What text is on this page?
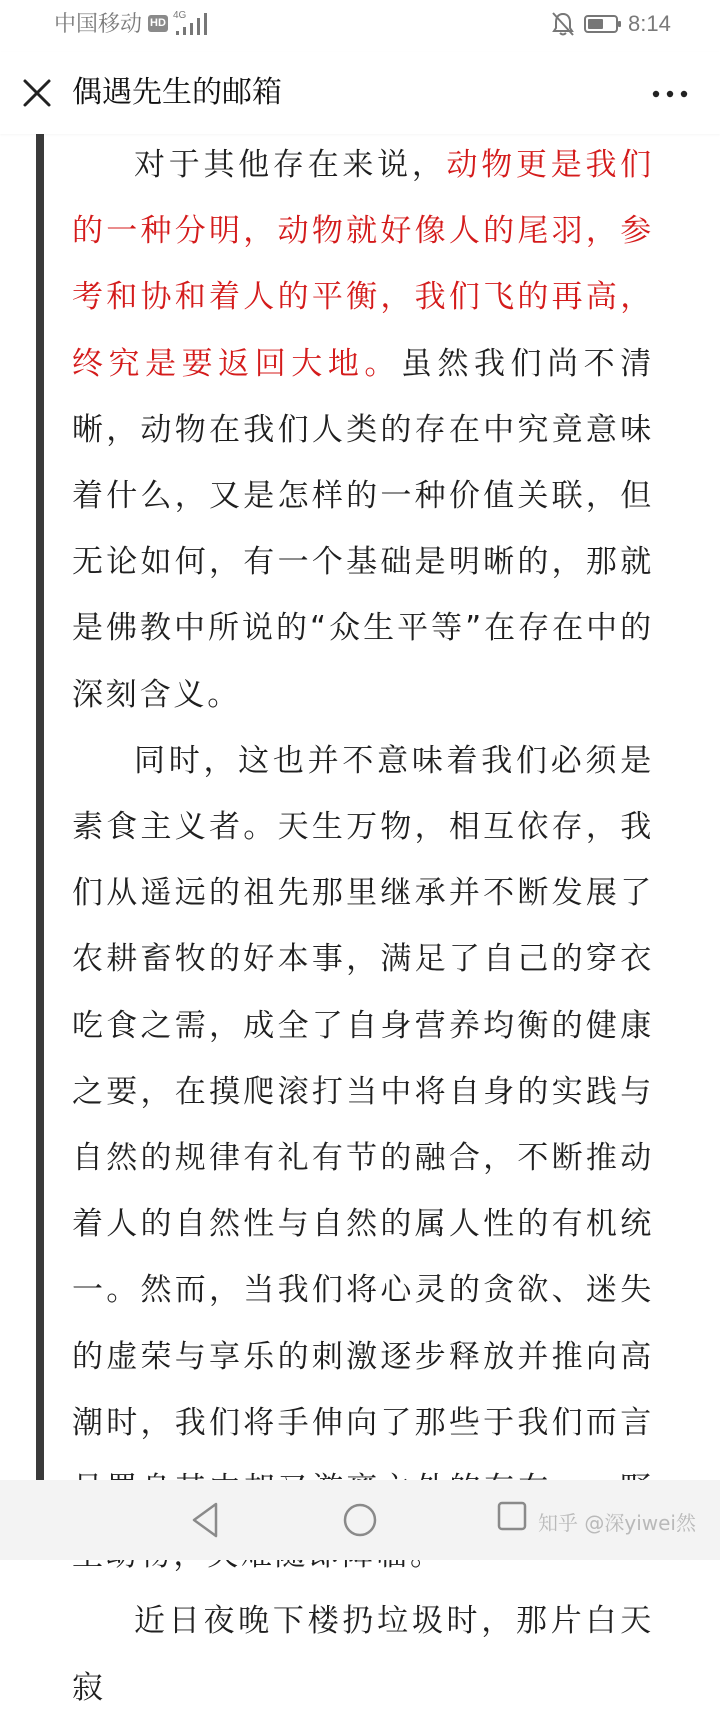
中国移动 HD
4G	8:14
偶遇先生的邮箱

对于其他存在来说，动物更是我们的一种分明，动物就好像人的尾羽，参考和协和着人的平衡，我们飞的再高，终究是要返回大地。虽然我们尚不清晰，动物在我们人类的存在中究竟意味着什么，又是怎样的一种价值关联，但无论如何，有一个基础是明晰的，那就是佛教中所说的“众生平等”在存在中的深刻含义。

同时，这也并不意味着我们必须是素食主义者。天生万物，相互依存，我们从遥远的祖先那里继承并不断发展了农耕畜牧的好本事，满足了自己的穿衣吃食之需，成全了自身营养均衡的健康之要，在摸爬滚打当中将自身的实践与自然的规律有礼有节的融合，不断推动着人的自然性与自然的属人性的有机统一。然而，当我们将心灵的贪欲、迷失的虚荣与享乐的刺激逐步释放并推向高潮时，我们将手伸向了那些于我们而言

近日夜晚下楼扔垃圾时，那片白天寂

知乎 @深yiwei然
